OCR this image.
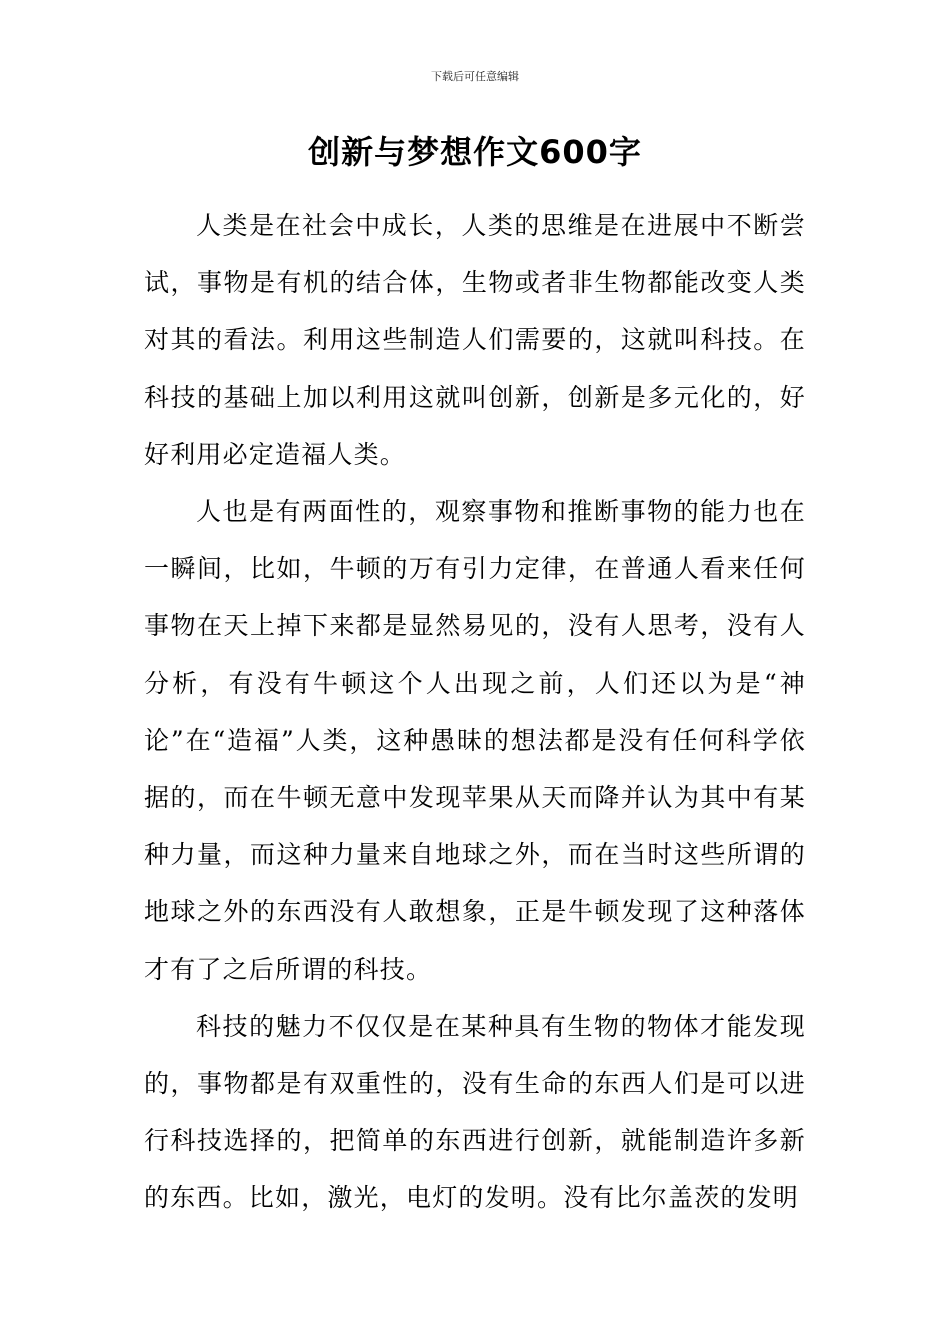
下载后可任意编辑
创新与梦想作文600字

人类是在社会中成长，人类的思维是在进展中不断尝试，事物是有机的结合体，生物或者非生物都能改变人类对其的看法。利用这些制造人们需要的，这就叫科技。在科技的基础上加以利用这就叫创新，创新是多元化的，好好利用必定造福人类。

人也是有两面性的，观察事物和推断事物的能力也在一瞬间，比如，牛顿的万有引力定律，在普通人看来任何事物在天上掉下来都是显然易见的，没有人思考，没有人分析，有没有牛顿这个人出现之前，人们还以为是“神论”在“造福”人类，这种愚昧的想法都是没有任何科学依据的，而在牛顿无意中发现苹果从天而降并认为其中有某种力量，而这种力量来自地球之外，而在当时这些所谓的地球之外的东西没有人敢想象，正是牛顿发现了这种落体才有了之后所谓的科技。

科技的魅力不仅仅是在某种具有生物的物体才能发现的，事物都是有双重性的，没有生命的东西人们是可以进行科技选择的，把简单的东西进行创新，就能制造许多新的东西。比如，激光，电灯的发明。没有比尔盖茨的发明
